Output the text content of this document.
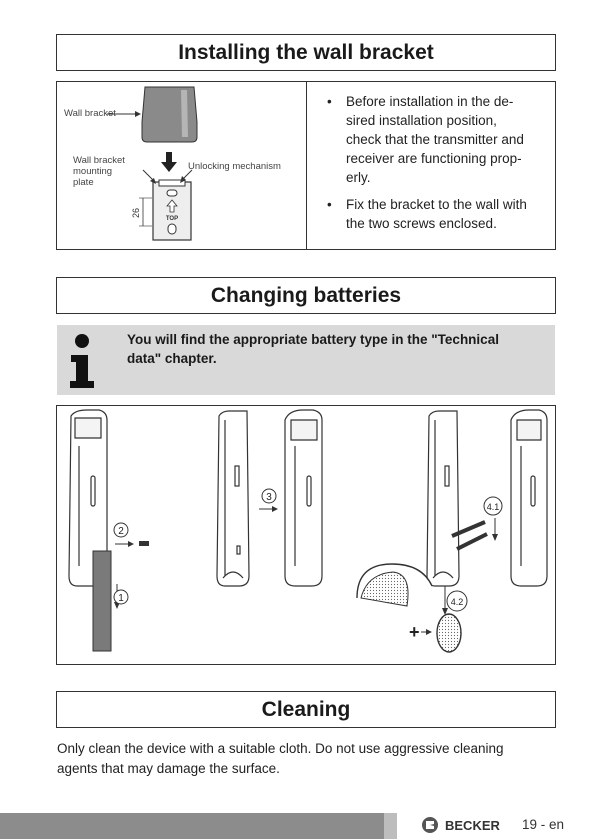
Installing the wall bracket
TOP
26
Wall bracket
Wall bracket
mounting
plate
Unlocking mechanism
• Before installation in the de-
sired installation position,
check that the transmitter and
receiver are functioning prop-
erly.
• Fix the bracket to the wall with
the two screws enclosed.
Changing batteries
You will find the appropriate battery type in the "Technical
data" chapter.
1
2
3
4.1
4.2
+
Cleaning
Only clean the device with a suitable cloth. Do not use aggressive cleaning
agents that may damage the surface.
BECKER 19 - en
